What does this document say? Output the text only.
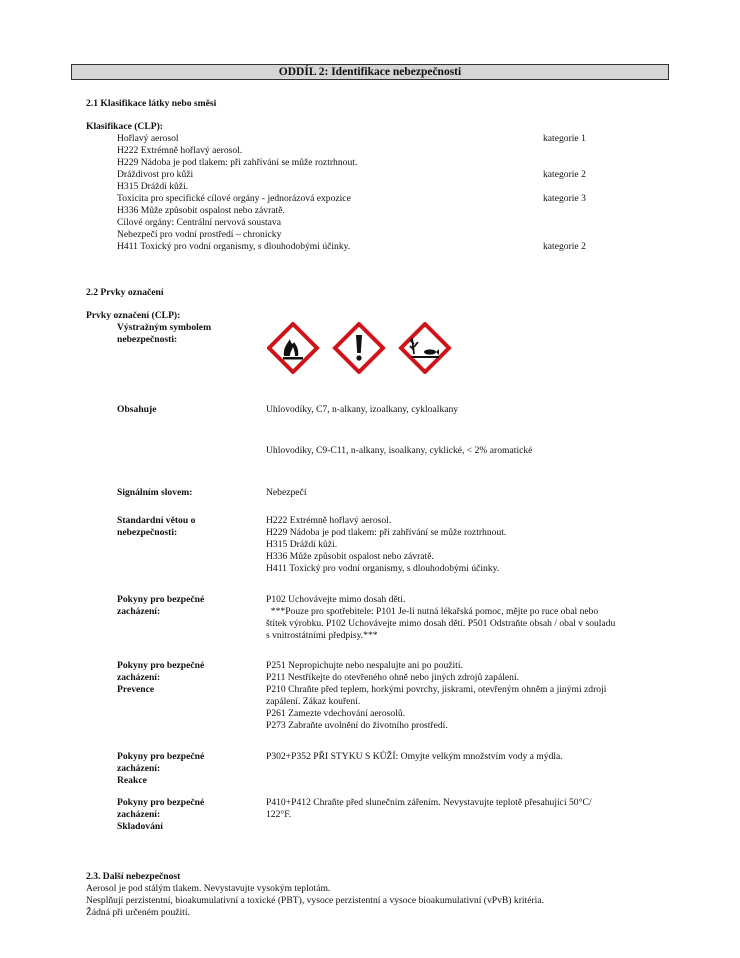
ODDÍL 2: Identifikace nebezpečnosti
2.1 Klasifikace látky nebo směsi
Klasifikace (CLP):
Hořlavý aerosol
H222 Extrémně hořlavý aerosol.
H229 Nádoba je pod tlakem: při zahřívání se může roztrhnout.
Dráždivost pro kůži
H315 Dráždí kůži.
Toxicita pro specifické cílové orgány - jednorázová expozice
H336 Může způsobit ospalost nebo závratě.
Cílové orgány: Centrální nervová soustava
Nebezpečí pro vodní prostředí – chronicky
H411 Toxický pro vodní organismy, s dlouhodobými účinky.
kategorie 1
kategorie 2
kategorie 3
kategorie 2
2.2 Prvky označení
Prvky označení (CLP):
Výstražným symbolem
nebezpečnosti:
Obsahuje	Uhlovodíky, C7, n-alkany, izoalkany, cykloalkany
Uhlovodíky, C9-C11, n-alkany, isoalkany, cyklické, < 2% aromatické
Signálním slovem:	Nebezpečí
Standardní větou o
nebezpečnosti:
H222 Extrémně hořlavý aerosol.
H229 Nádoba je pod tlakem: při zahřívání se může roztrhnout.
H315 Dráždí kůži.
H336 Může způsobit ospalost nebo závratě.
H411 Toxický pro vodní organismy, s dlouhodobými účinky.
Pokyny pro bezpečné
zacházení:
P102 Uchovávejte mimo dosah dětí.
***Pouze pro spotřebitele: P101 Je-li nutná lékařská pomoc, mějte po ruce obal nebo
štítek výrobku. P102 Uchovávejte mimo dosah dětí. P501 Odstraňte obsah / obal v souladu
s vnitrostátními předpisy.***
Pokyny pro bezpečné
zacházení:
Prevence
P251 Nepropichujte nebo nespalujte ani po použití.
P211 Nestříkejte do otevřeného ohně nebo jiných zdrojů zapálení.
P210 Chraňte před teplem, horkými povrchy, jiskrami, otevřeným ohněm a jinými zdroji
zapálení. Zákaz kouření.
P261 Zamezte vdechování aerosolů.
P273 Zabraňte uvolnění do životního prostředí.
Pokyny pro bezpečné
zacházení:
Reakce
P302+P352 PŘI STYKU S KŮŽÍ: Omyjte velkým množstvím vody a mýdla.
Pokyny pro bezpečné
zacházení:
Skladování
P410+P412 Chraňte před slunečním zářením. Nevystavujte teplotě přesahující 50°C/
122°F.
2.3. Další nebezpečnost
Aerosol je pod stálým tlakem. Nevystavujte vysokým teplotám.
Nesplňují perzistentní, bioakumulativní a toxické (PBT), vysoce perzistentní a vysoce bioakumulativní (vPvB) kritéria.
Žádná při určeném použití.
